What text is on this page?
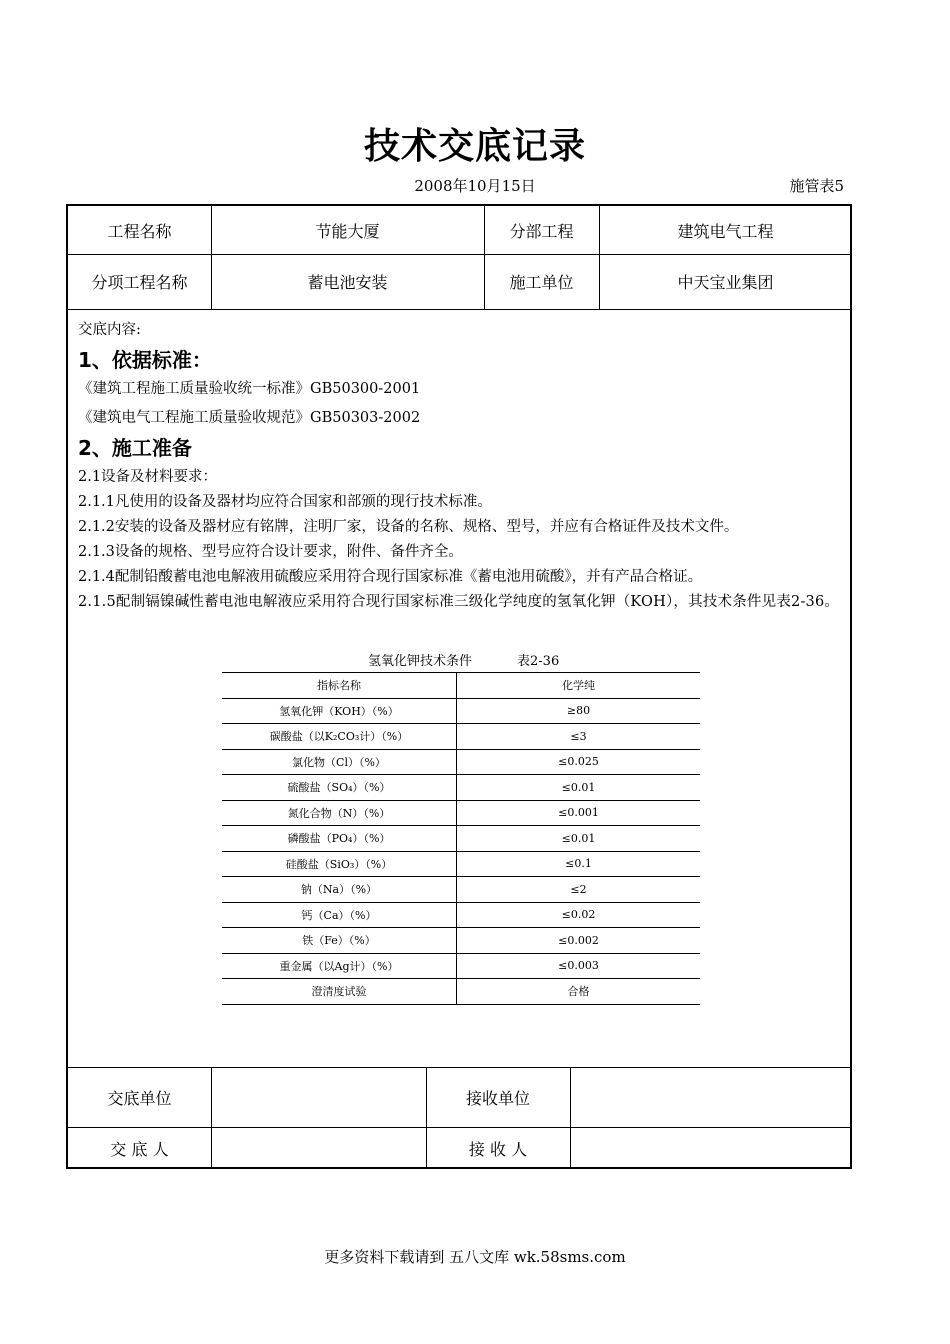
技术交底记录
2008年10月15日	施管表5
工程名称	节能大厦	分部工程	建筑电气工程
分项工程名称	蓄电池安装	施工单位	中天宝业集团

交底内容:

1、依据标准：

《建筑工程施工质量验收统一标准》GB50300-2001

《建筑电气工程施工质量验收规范》GB50303-2002

2、施工准备

2.1设备及材料要求：

2.1.1凡使用的设备及器材均应符合国家和部颁的现行技术标准。

2.1.2安装的设备及器材应有铭牌，注明厂家，设备的名称、规格、型号，并应有合格证件及技术文件。

2.1.3设备的规格、型号应符合设计要求，附件、备件齐全。

2.1.4配制铅酸蓄电池电解液用硫酸应采用符合现行国家标准《蓄电池用硫酸》，并有产品合格证。

2.1.5配制镉镍碱性蓄电池电解液应采用符合现行国家标准三级化学纯度的氢氧化钾（KOH），其技术条件见表2-36。

氢氧化钾技术条件	表2-36
指标名称	化学纯
氢氧化钾（KOH）（%）	≥80
碳酸盐（以K₂CO₃计）（%）	≤3
氯化物（Cl）（%）	≤0.025
硫酸盐（SO₄）（%）	≤0.01
氮化合物（N）（%）	≤0.001
磷酸盐（PO₄）（%）	≤0.01
硅酸盐（SiO₃）（%）	≤0.1
钠（Na）（%）	≤2
钙（Ca）（%）	≤0.02
铁（Fe）（%）	≤0.002
重金属（以Ag计）（%）	≤0.003
澄清度试验	合格
交底单位	接收单位
交 底 人	接 收 人
更多资料下载请到 五八文库 wk.58sms.com
